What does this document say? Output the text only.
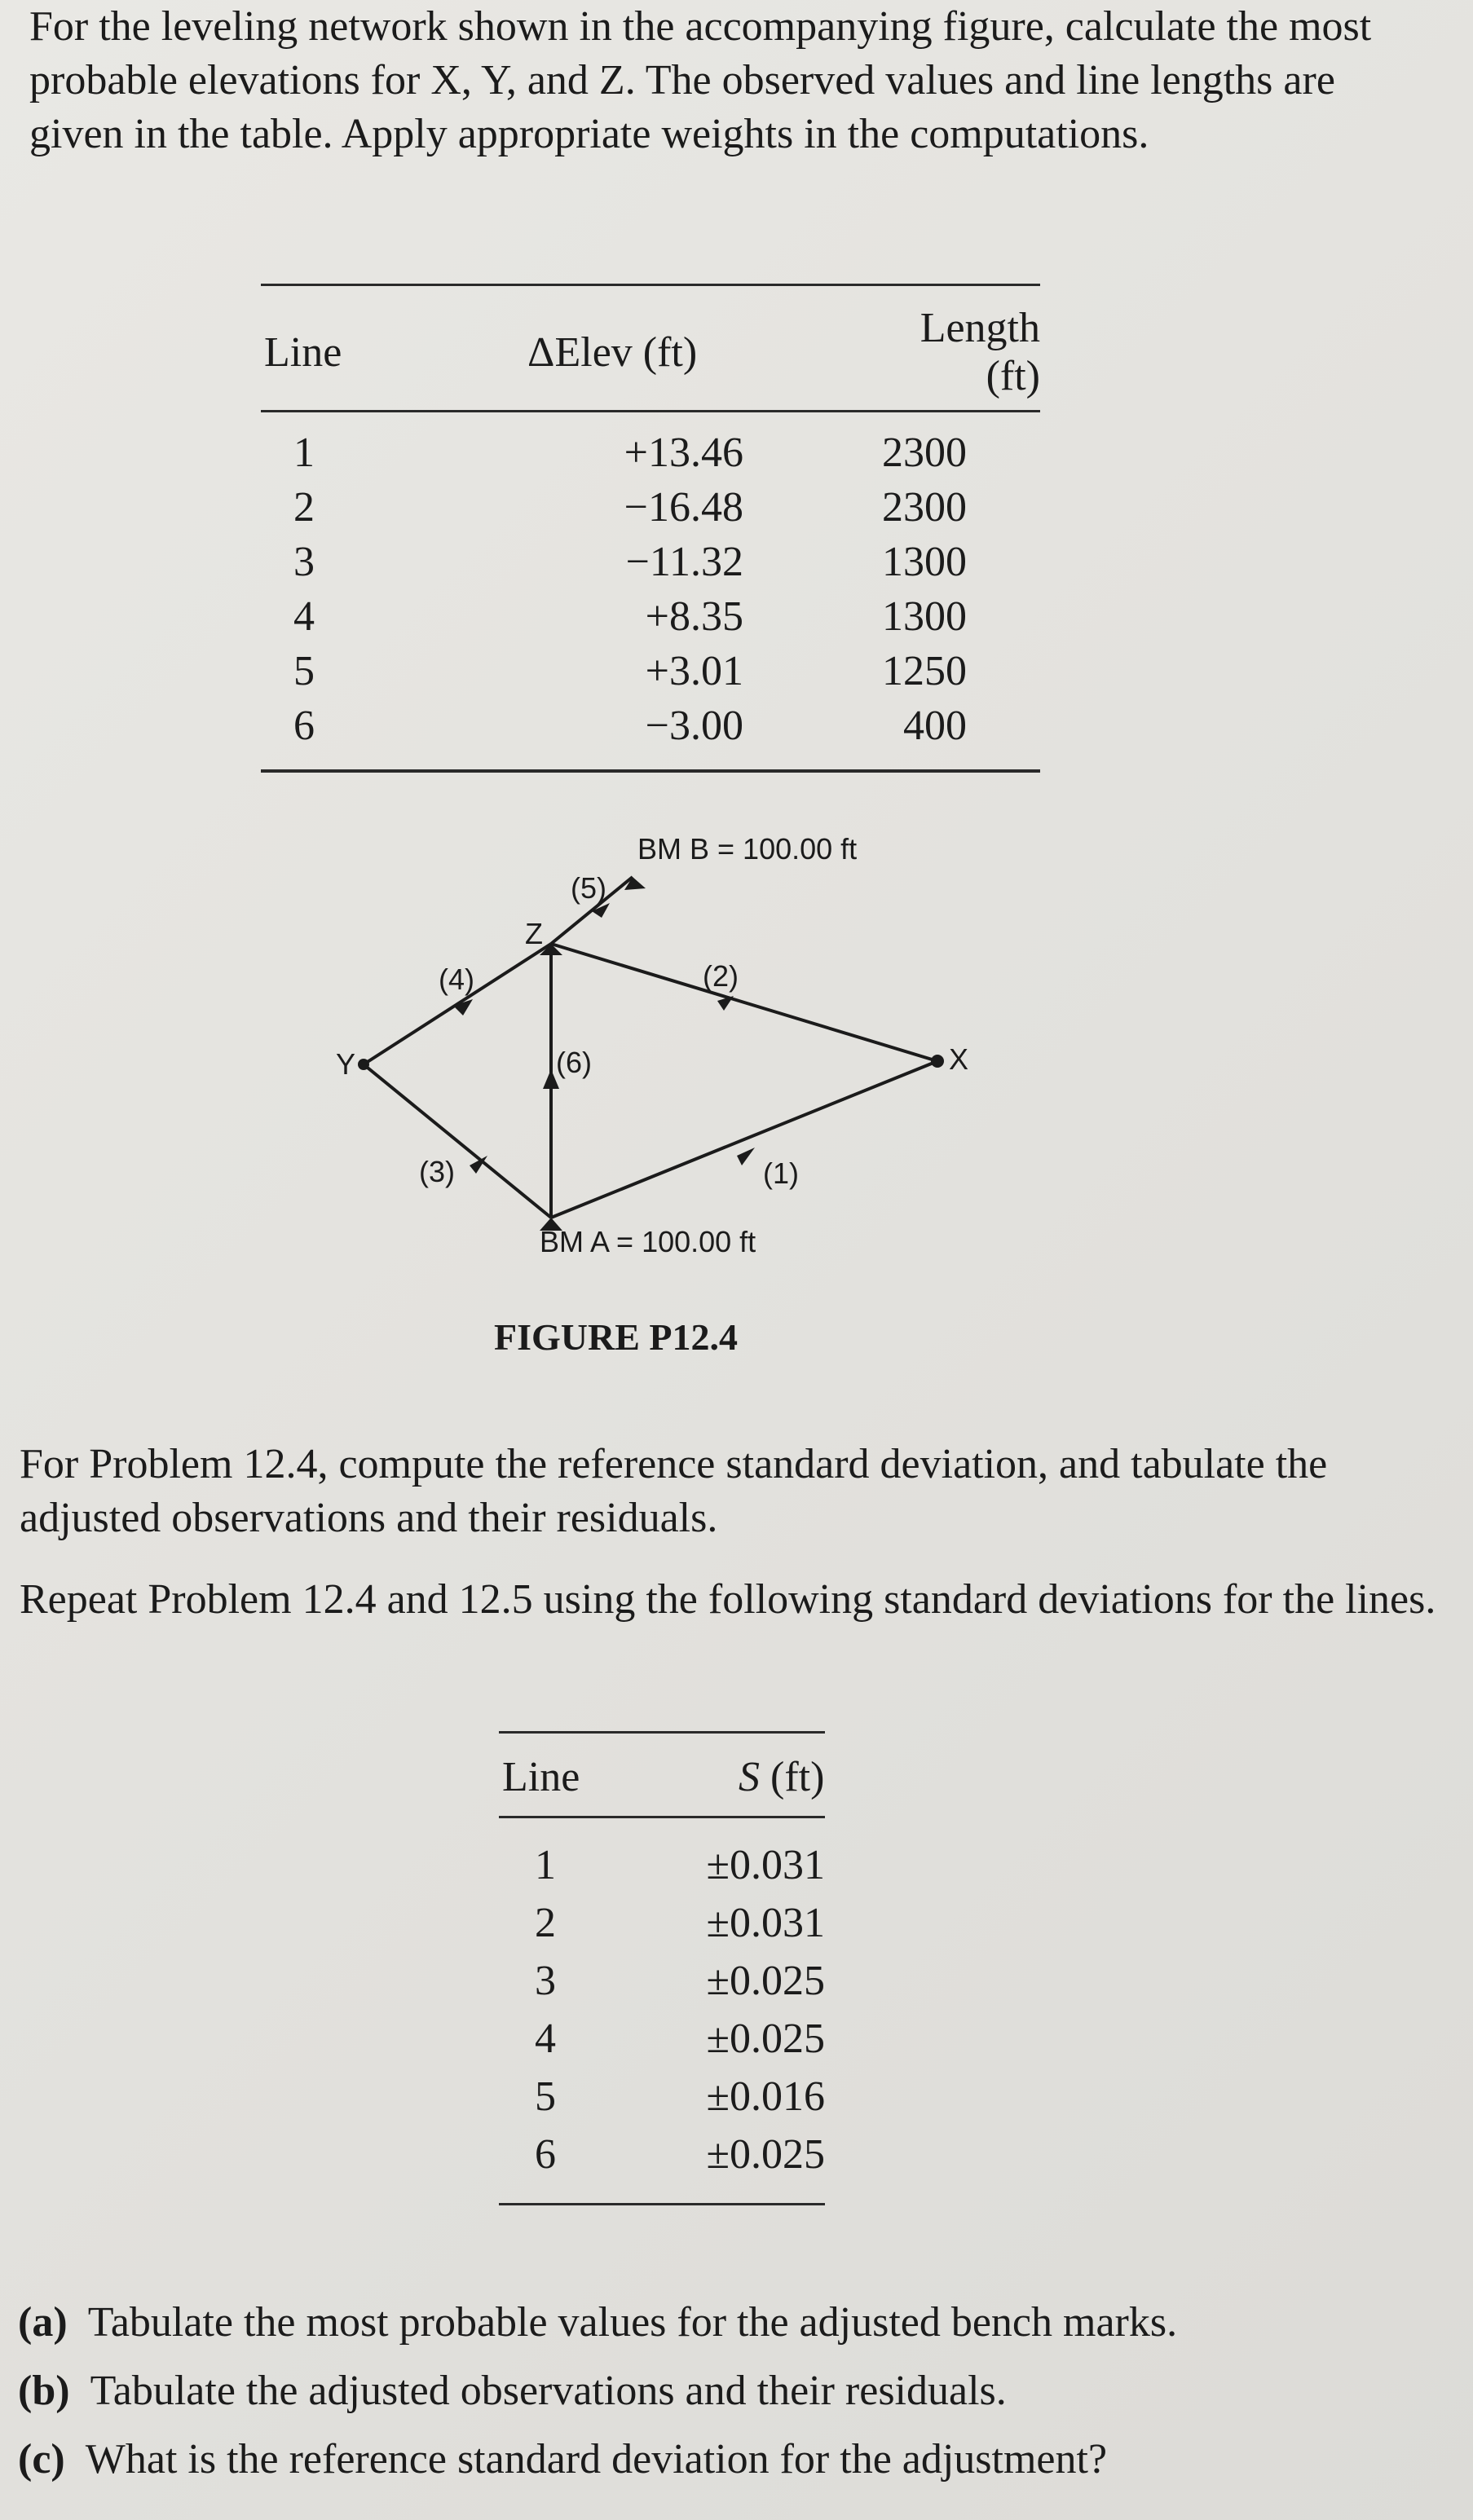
For the leveling network shown in the accompanying figure, calculate the most probable elevations for X, Y, and Z. The observed values and line lengths are given in the table. Apply appropriate weights in the computations.

Line	ΔElev (ft)	Length (ft)
1	+13.46	2300
2	−16.48	2300
3	−11.32	1300
4	+8.35	1300
5	+3.01	1250
6	−3.00	400
BM B = 100.00 ft
BM A = 100.00 ft
X
Y
Z
(1)
(2)
(3)
(4)
(5)
(6)
FIGURE P12.4

For Problem 12.4, compute the reference standard deviation, and tabulate the adjusted observations and their residuals.

Repeat Problem 12.4 and 12.5 using the following standard deviations for the lines.

Line	S (ft)
1	±0.031
2	±0.031
3	±0.025
4	±0.025
5	±0.016
6	±0.025
(a) Tabulate the most probable values for the adjusted bench marks.
(b) Tabulate the adjusted observations and their residuals.
(c) What is the reference standard deviation for the adjustment?
